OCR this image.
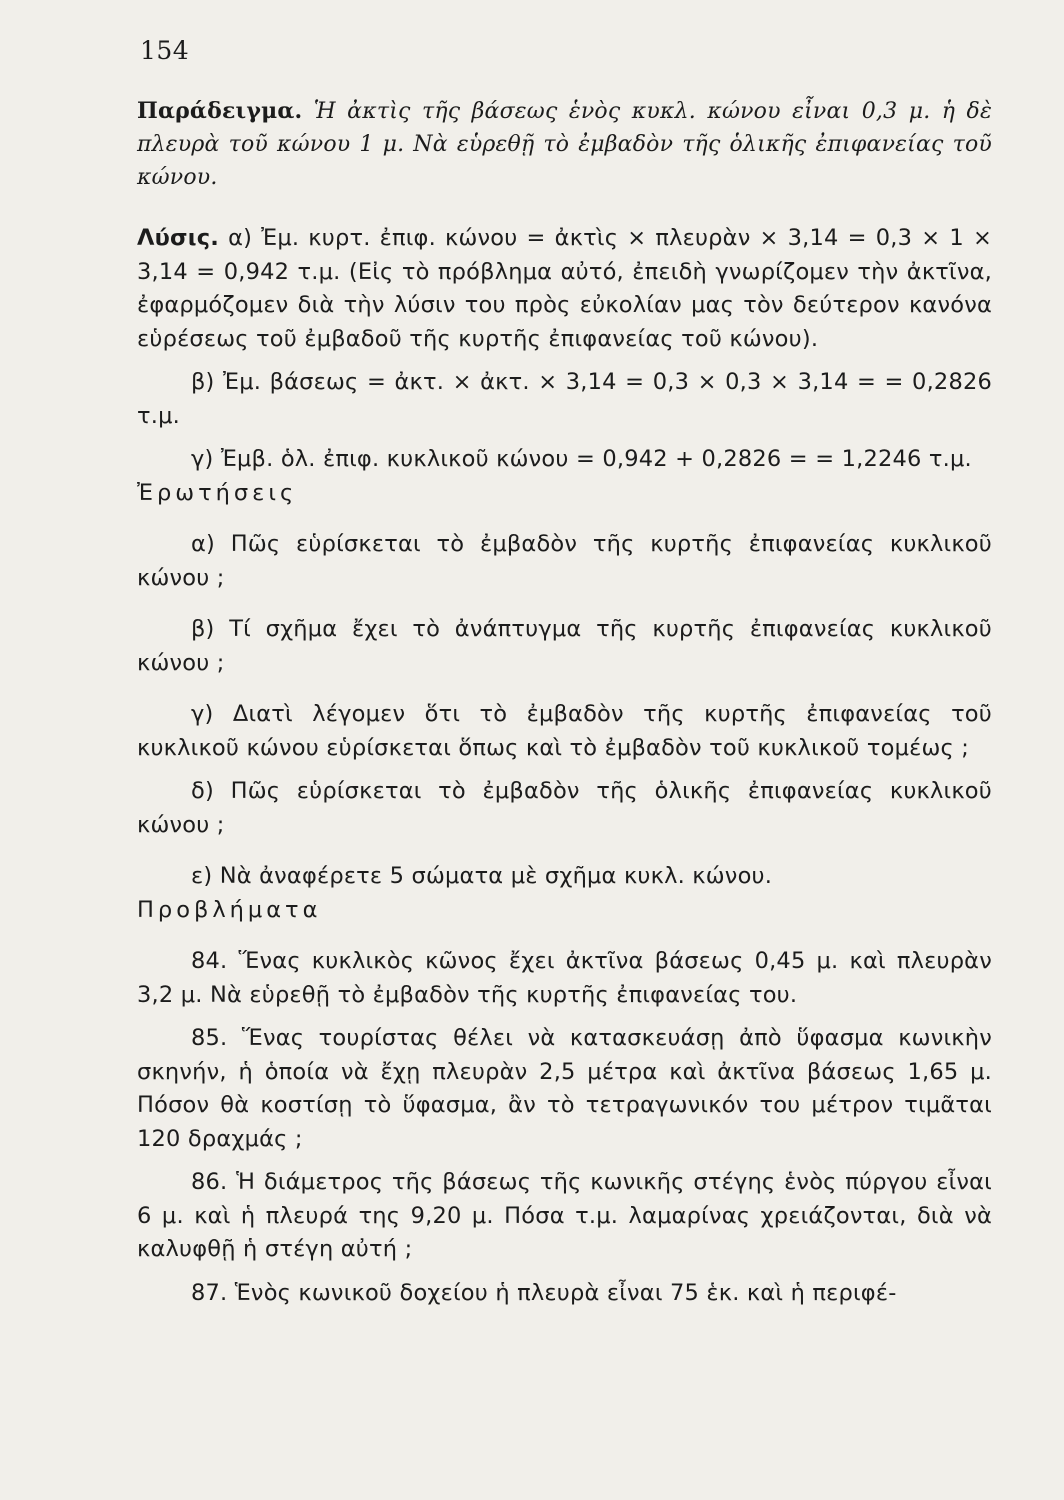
154

Παράδειγμα. Ἡ ἀκτὶς τῆς βάσεως ἑνὸς κυκλ. κώνου εἶναι 0,3 μ. ἡ δὲ πλευρὰ τοῦ κώνου 1 μ. Νὰ εὑρεθῇ τὸ ἐμβαδὸν τῆς ὁλικῆς ἐπιφανείας τοῦ κώνου.

Λύσις. α) Ἐμ. κυρτ. ἐπιφ. κώνου = ἀκτὶς × πλευρὰν × 3,14 = 0,3 × 1 × 3,14 = 0,942 τ.μ. (Εἰς τὸ πρόβλημα αὐτό, ἐπειδὴ γνωρίζομεν τὴν ἀκτῖνα, ἐφαρμόζομεν διὰ τὴν λύσιν του πρὸς εὐκολίαν μας τὸν δεύτερον κανόνα εὑρέσεως τοῦ ἐμβαδοῦ τῆς κυρτῆς ἐπιφανείας τοῦ κώνου).

β) Ἐμ. βάσεως = ἀκτ. × ἀκτ. × 3,14 = 0,3 × 0,3 × 3,14 = = 0,2826 τ.μ.

γ) Ἐμβ. ὁλ. ἐπιφ. κυκλικοῦ κώνου = 0,942 + 0,2826 = = 1,2246 τ.μ.

Ἐρωτήσεις

α) Πῶς εὑρίσκεται τὸ ἐμβαδὸν τῆς κυρτῆς ἐπιφανείας κυκλικοῦ κώνου ;

β) Τί σχῆμα ἔχει τὸ ἀνάπτυγμα τῆς κυρτῆς ἐπιφανείας κυκλικοῦ κώνου ;

γ) Διατὶ λέγομεν ὅτι τὸ ἐμβαδὸν τῆς κυρτῆς ἐπιφανείας τοῦ κυκλικοῦ κώνου εὑρίσκεται ὅπως καὶ τὸ ἐμβαδὸν τοῦ κυκλικοῦ τομέως ;

δ) Πῶς εὑρίσκεται τὸ ἐμβαδὸν τῆς ὁλικῆς ἐπιφανείας κυκλικοῦ κώνου ;

ε) Νὰ ἀναφέρετε 5 σώματα μὲ σχῆμα κυκλ. κώνου.

Προβλήματα

84. Ἕνας κυκλικὸς κῶνος ἔχει ἀκτῖνα βάσεως 0,45 μ. καὶ πλευρὰν 3,2 μ. Νὰ εὑρεθῇ τὸ ἐμβαδὸν τῆς κυρτῆς ἐπιφανείας του.

85. Ἕνας τουρίστας θέλει νὰ κατασκευάσῃ ἀπὸ ὕφασμα κωνικὴν σκηνήν, ἡ ὁποία νὰ ἔχῃ πλευρὰν 2,5 μέτρα καὶ ἀκτῖνα βάσεως 1,65 μ. Πόσον θὰ κοστίσῃ τὸ ὕφασμα, ἂν τὸ τετραγωνικόν του μέτρον τιμᾶται 120 δραχμάς ;

86. Ἡ διάμετρος τῆς βάσεως τῆς κωνικῆς στέγης ἑνὸς πύργου εἶναι 6 μ. καὶ ἡ πλευρά της 9,20 μ. Πόσα τ.μ. λαμαρίνας χρειάζονται, διὰ νὰ καλυφθῇ ἡ στέγη αὐτή ;

87. Ἑνὸς κωνικοῦ δοχείου ἡ πλευρὰ εἶναι 75 ἑκ. καὶ ἡ περιφέ-
